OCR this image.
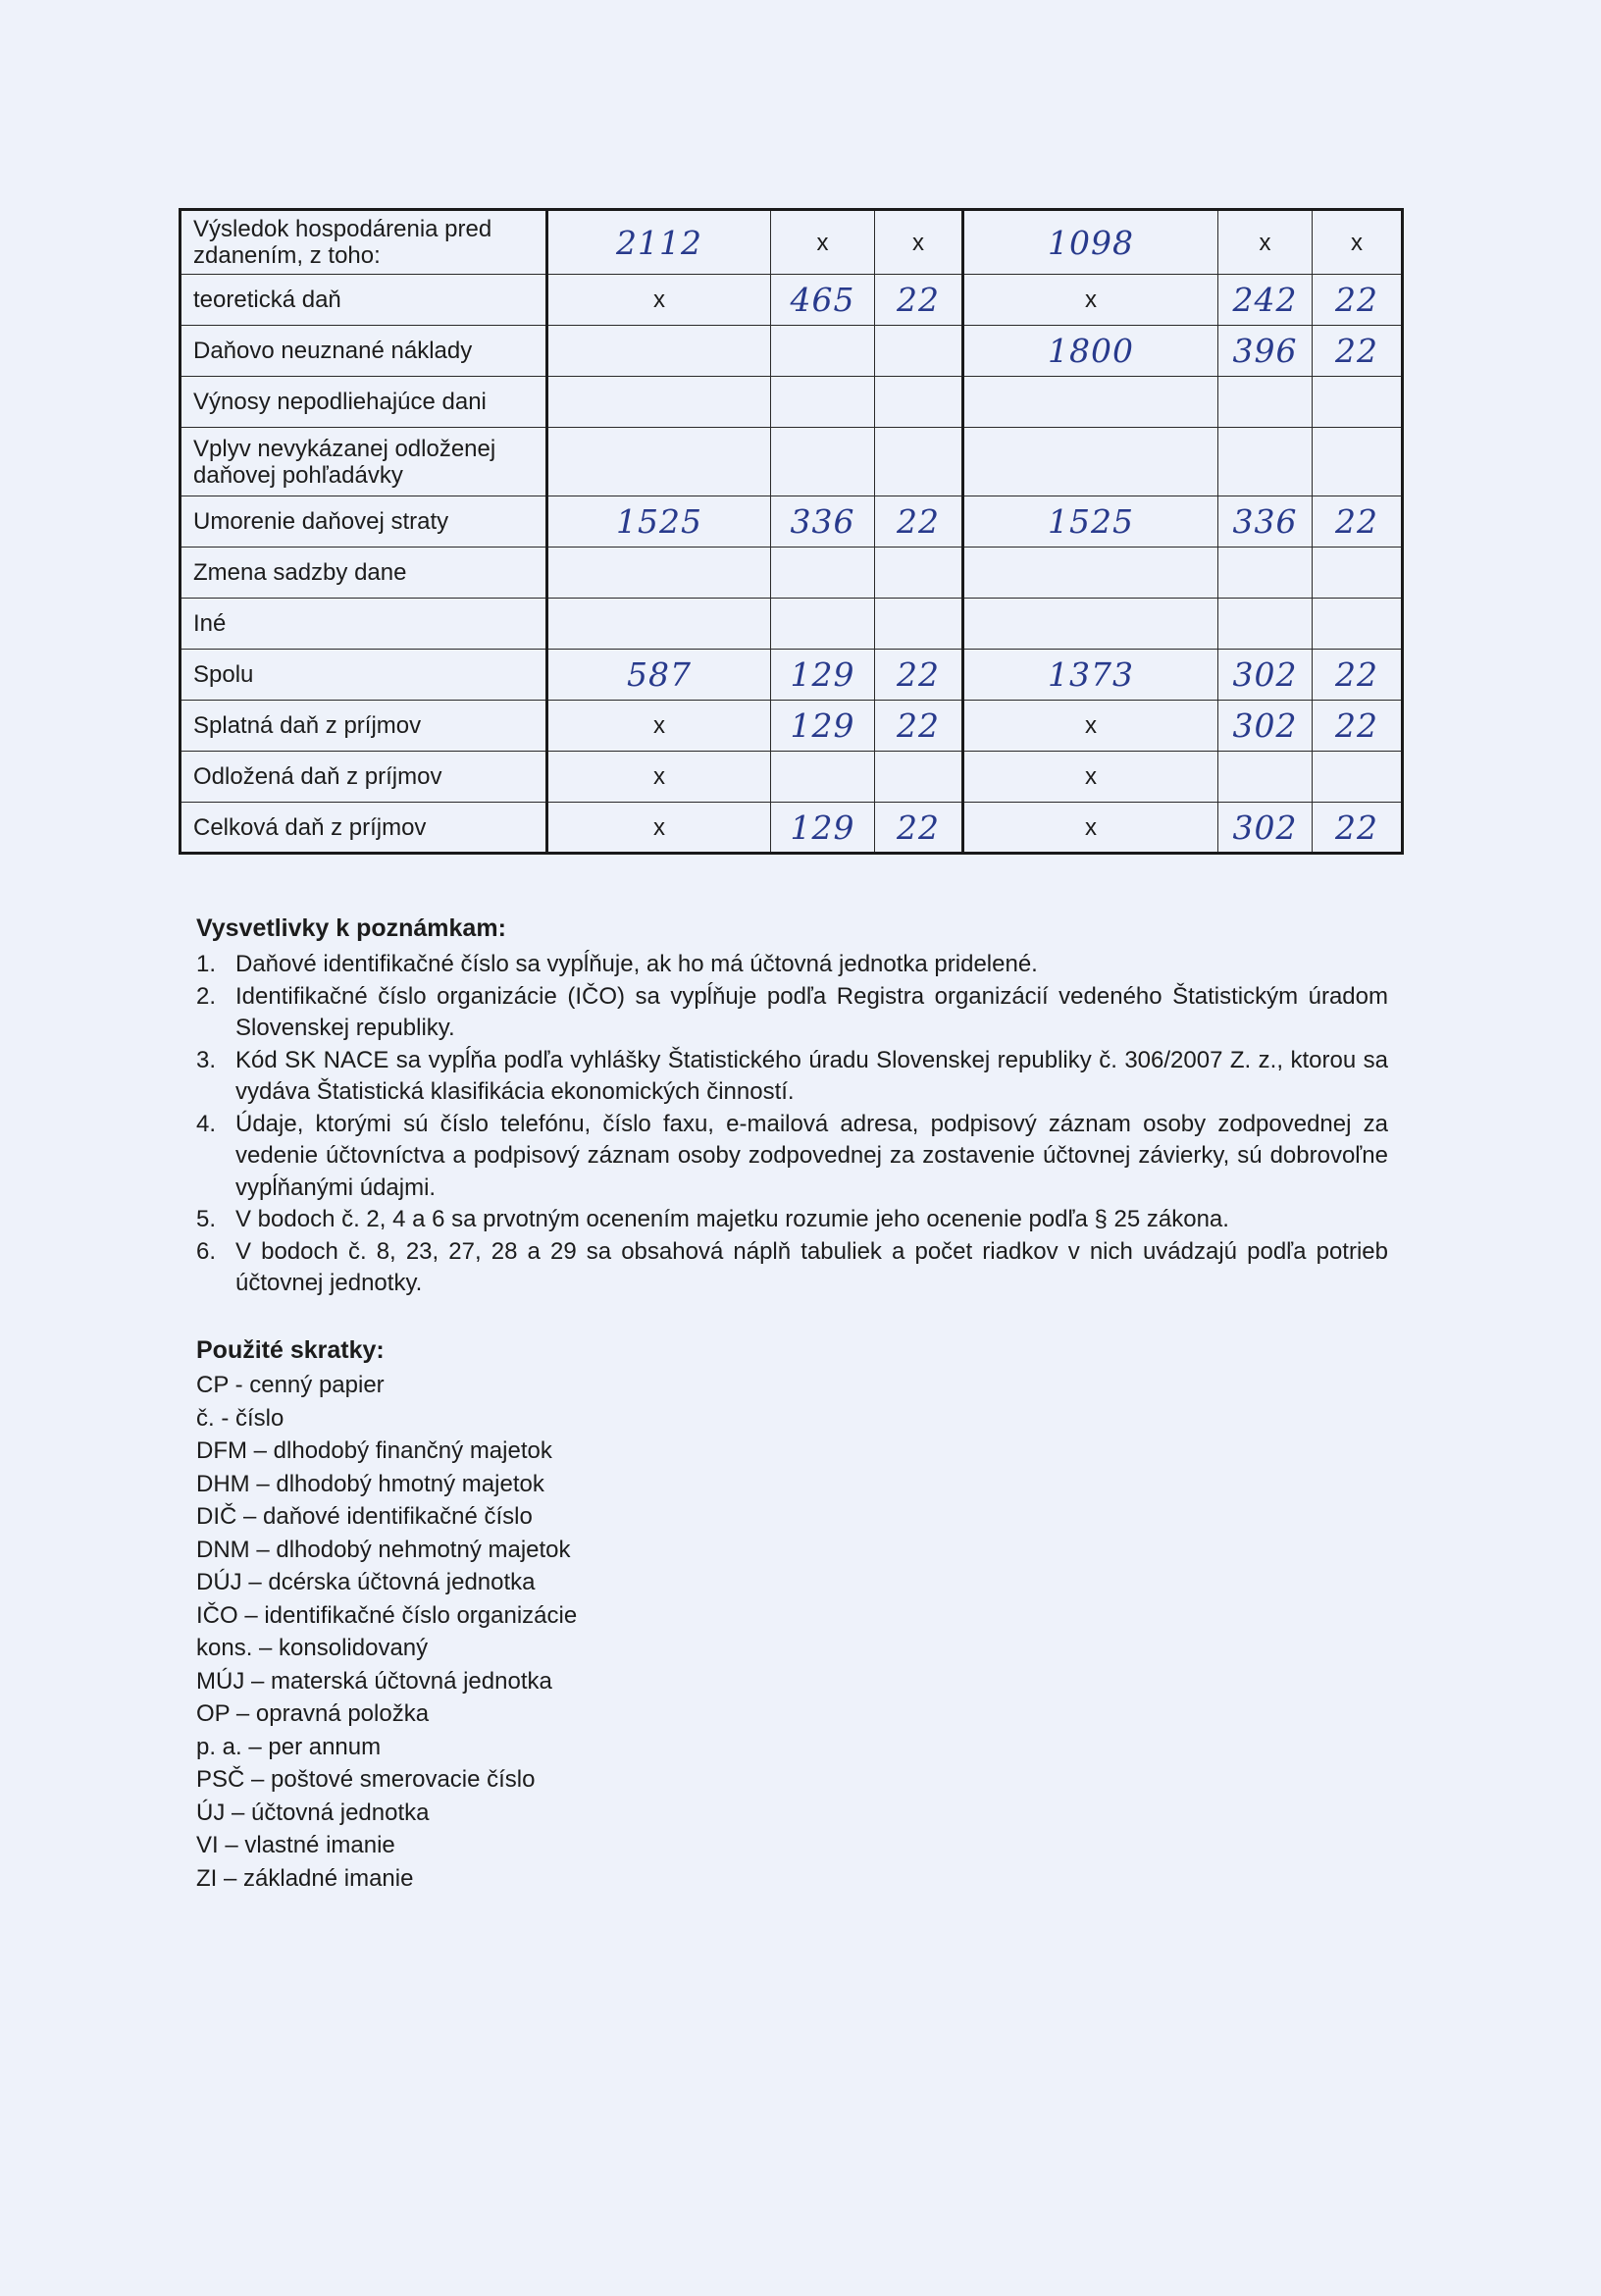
Výsledok hospodárenia pred zdanením, z toho:	2112	x	x	1098	x	x
teoretická daň	x	465	22	x	242	22
Daňovo neuznané náklady				1800	396	22
Výnosy nepodliehajúce dani						
Vplyv nevykázanej odloženej daňovej pohľadávky						
Umorenie daňovej straty	1525	336	22	1525	336	22
Zmena sadzby dane						
Iné						
Spolu	587	129	22	1373	302	22
Splatná daň z príjmov	x	129	22	x	302	22
Odložená daň z príjmov	x			x		
Celková daň z príjmov	x	129	22	x	302	22
Vysvetlivky k poznámkam:
1. Daňové identifikačné číslo sa vypĺňuje, ak ho má účtovná jednotka pridelené.
2. Identifikačné číslo organizácie (IČO) sa vypĺňuje podľa Registra organizácií vedeného Štatistickým úradom Slovenskej republiky.
3. Kód SK NACE sa vypĺňa podľa vyhlášky Štatistického úradu Slovenskej republiky č. 306/2007 Z. z., ktorou sa vydáva Štatistická klasifikácia ekonomických činností.
4. Údaje, ktorými sú číslo telefónu, číslo faxu, e-mailová adresa, podpisový záznam osoby zodpovednej za vedenie účtovníctva a podpisový záznam osoby zodpovednej za zostavenie účtovnej závierky, sú dobrovoľne vypĺňanými údajmi.
5. V bodoch č. 2, 4 a 6 sa prvotným ocenením majetku rozumie jeho ocenenie podľa § 25 zákona.
6. V bodoch č. 8, 23, 27, 28 a 29 sa obsahová náplň tabuliek a počet riadkov v nich uvádzajú podľa potrieb účtovnej jednotky.
Použité skratky:
CP - cenný papier
č. - číslo
DFM – dlhodobý finančný majetok
DHM – dlhodobý hmotný majetok
DIČ – daňové identifikačné číslo
DNM – dlhodobý nehmotný majetok
DÚJ – dcérska účtovná jednotka
IČO – identifikačné číslo organizácie
kons. – konsolidovaný
MÚJ – materská účtovná jednotka
OP – opravná položka
p. a. – per annum
PSČ – poštové smerovacie číslo
ÚJ – účtovná jednotka
VI – vlastné imanie
ZI – základné imanie
